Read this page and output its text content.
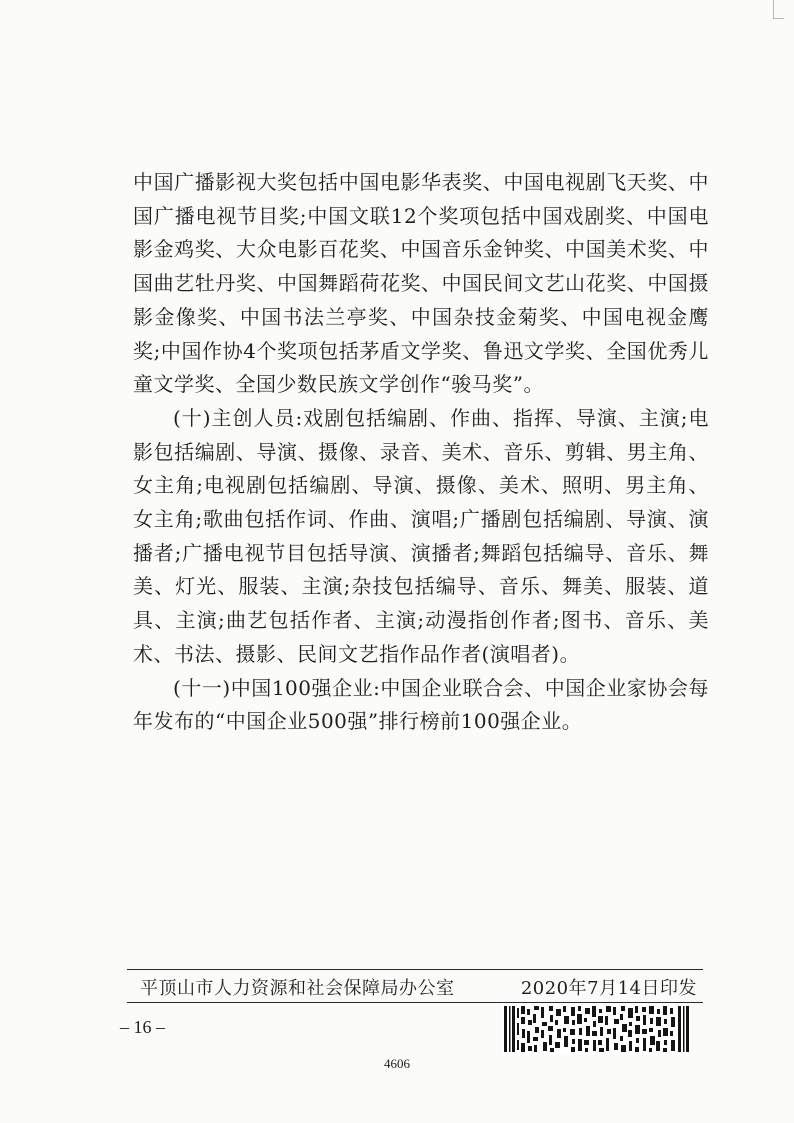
中国广播影视大奖包括中国电影华表奖、中国电视剧飞天奖、中国广播电视节目奖;中国文联12个奖项包括中国戏剧奖、中国电影金鸡奖、大众电影百花奖、中国音乐金钟奖、中国美术奖、中国曲艺牡丹奖、中国舞蹈荷花奖、中国民间文艺山花奖、中国摄影金像奖、中国书法兰亭奖、中国杂技金菊奖、中国电视金鹰奖;中国作协4个奖项包括茅盾文学奖、鲁迅文学奖、全国优秀儿童文学奖、全国少数民族文学创作“骏马奖”。

(十)主创人员:戏剧包括编剧、作曲、指挥、导演、主演;电影包括编剧、导演、摄像、录音、美术、音乐、剪辑、男主角、女主角;电视剧包括编剧、导演、摄像、美术、照明、男主角、女主角;歌曲包括作词、作曲、演唱;广播剧包括编剧、导演、演播者;广播电视节目包括导演、演播者;舞蹈包括编导、音乐、舞美、灯光、服装、主演;杂技包括编导、音乐、舞美、服装、道具、主演;曲艺包括作者、主演;动漫指创作者;图书、音乐、美术、书法、摄影、民间文艺指作品作者(演唱者)。

(十一)中国100强企业:中国企业联合会、中国企业家协会每年发布的“中国企业500强”排行榜前100强企业。

平顶山市人力资源和社会保障局办公室	2020年7月14日印发
– 16 –
4606
